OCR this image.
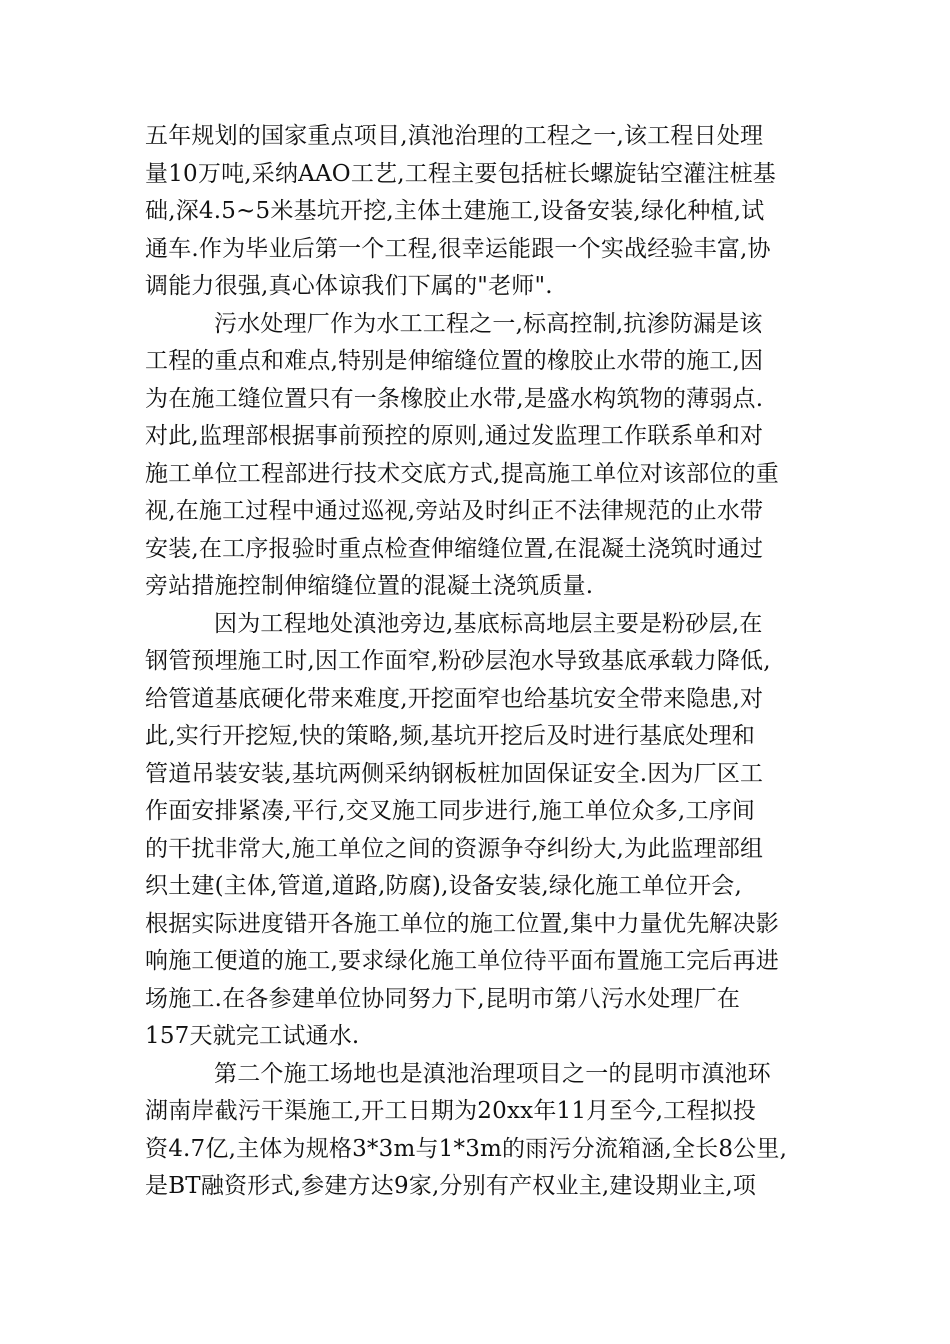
五年规划的国家重点项目,滇池治理的工程之一,该工程日处理
量10万吨,采纳AAO工艺,工程主要包括桩长螺旋钻空灌注桩基
础,深4.5~5米基坑开挖,主体土建施工,设备安装,绿化种植,试
通车.作为毕业后第一个工程,很幸运能跟一个实战经验丰富,协
调能力很强,真心体谅我们下属的"老师".
污水处理厂作为水工工程之一,标高控制,抗渗防漏是该
工程的重点和难点,特别是伸缩缝位置的橡胶止水带的施工,因
为在施工缝位置只有一条橡胶止水带,是盛水构筑物的薄弱点.
对此,监理部根据事前预控的原则,通过发监理工作联系单和对
施工单位工程部进行技术交底方式,提高施工单位对该部位的重
视,在施工过程中通过巡视,旁站及时纠正不法律规范的止水带
安装,在工序报验时重点检查伸缩缝位置,在混凝土浇筑时通过
旁站措施控制伸缩缝位置的混凝土浇筑质量.
因为工程地处滇池旁边,基底标高地层主要是粉砂层,在
钢管预埋施工时,因工作面窄,粉砂层泡水导致基底承载力降低,
给管道基底硬化带来难度,开挖面窄也给基坑安全带来隐患,对
此,实行开挖短,快的策略,频,基坑开挖后及时进行基底处理和
管道吊装安装,基坑两侧采纳钢板桩加固保证安全.因为厂区工
作面安排紧凑,平行,交叉施工同步进行,施工单位众多,工序间
的干扰非常大,施工单位之间的资源争夺纠纷大,为此监理部组
织土建(主体,管道,道路,防腐),设备安装,绿化施工单位开会,
根据实际进度错开各施工单位的施工位置,集中力量优先解决影
响施工便道的施工,要求绿化施工单位待平面布置施工完后再进
场施工.在各参建单位协同努力下,昆明市第八污水处理厂在
157天就完工试通水.
第二个施工场地也是滇池治理项目之一的昆明市滇池环
湖南岸截污干渠施工,开工日期为20xx年11月至今,工程拟投
资4.7亿,主体为规格3*3m与1*3m的雨污分流箱涵,全长8公里,
是BT融资形式,参建方达9家,分别有产权业主,建设期业主,项
